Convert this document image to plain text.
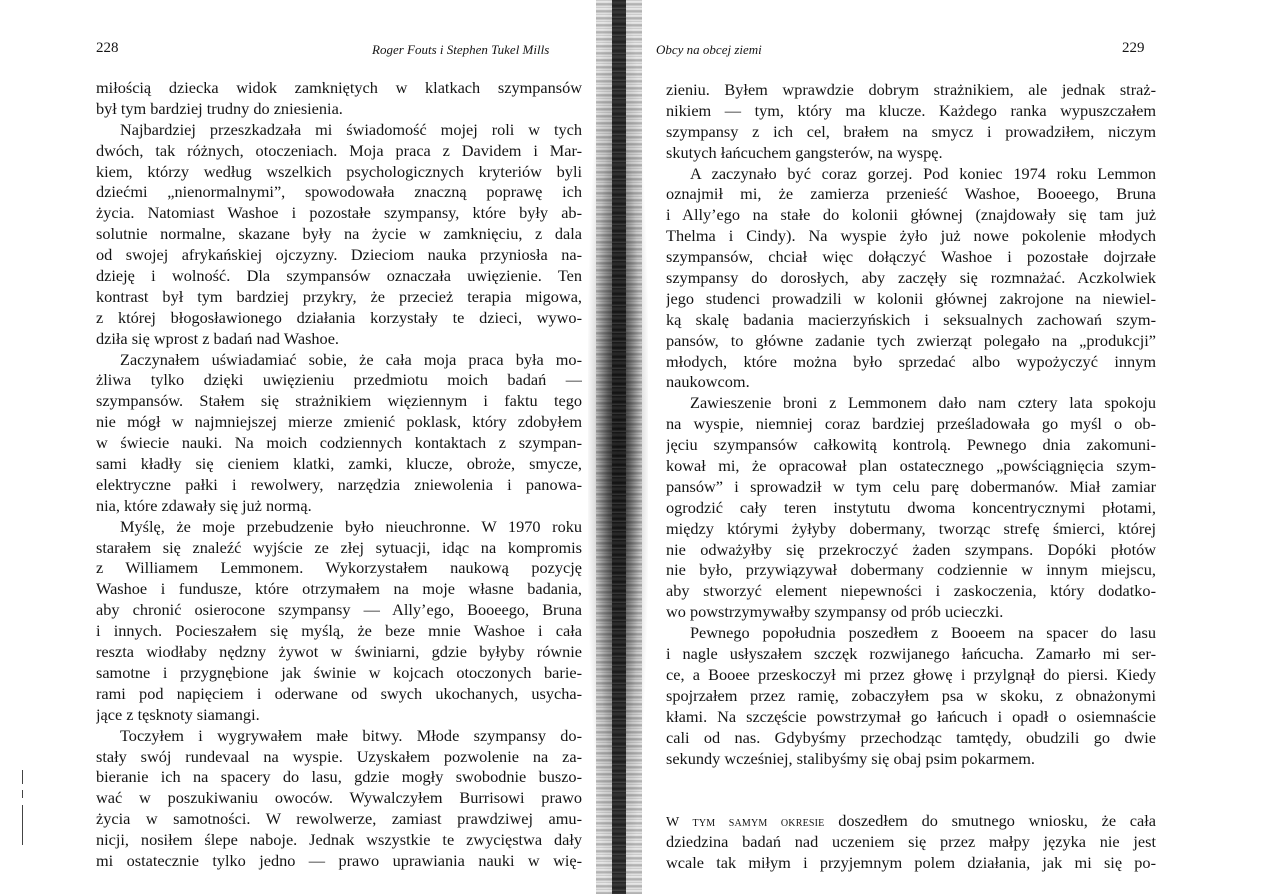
228	Roger Fouts i Stephen Tukel Mills
miłością dziecka widok zamkniętych w klatkach szympansów
był tym bardziej trudny do zniesienia.
Najbardziej przeszkadzała mi świadomość mojej roli w tych
dwóch, tak różnych, otoczeniach. Moja praca z Davidem i Mar-
kiem, którzy według wszelkich psychologicznych kryteriów byli
dziećmi „nienormalnymi”, spowodowała znaczną poprawę ich
życia. Natomiast Washoe i pozostałe szympansy, które były ab-
solutnie normalne, skazane były na życie w zamknięciu, z dala
od swojej afrykańskiej ojczyzny. Dzieciom nauka przyniosła na-
dzieję i wolność. Dla szympansów oznaczała uwięzienie. Ten
kontrast był tym bardziej przykry, że przecież terapia migowa,
z której błogosławionego działania korzystały te dzieci, wywo-
dziła się wprost z badań nad Washoe.
Zaczynałem uświadamiać sobie, że cała moja praca była mo-
żliwa tylko dzięki uwięzieniu przedmiotu moich badań —
szympansów. Stałem się strażnikiem więziennym i faktu tego
nie mógł w najmniejszej mierze zmienić poklask, który zdobyłem
w świecie nauki. Na moich codziennych kontaktach z szympan-
sami kładły się cieniem klatki, zamki, klucze, obroże, smycze,
elektryczne pałki i rewolwery, narzędzia zniewolenia i panowa-
nia, które zdawały się już normą.
Myślę, że moje przebudzenie było nieuchronne. W 1970 roku
starałem się znaleźć wyjście ze złej sytuacji, idąc na kompromis
z Williamem Lemmonem. Wykorzystałem naukową pozycję
Washoe i fundusze, które otrzymałem na moje własne badania,
aby chronić osierocone szympansy — Ally’ego, Booeego, Bruna
i innych. Pocieszałem się myślą, że beze mnie Washoe i cała
reszta wiodłaby nędzny żywot w świniarni, gdzie byłyby równie
samotne i przygnębione jak świnie w kojcach otoczonych barie-
rami pod napięciem i oderwane od swych ukochanych, usycha-
jące z tęsknoty siamangi.
Toczyłem i wygrywałem małe bitwy. Młode szympansy do-
stały swój rundevaal na wyspie. Uzyskałem pozwolenie na za-
bieranie ich na spacery do lasu, gdzie mogły swobodnie buszo-
wać w poszukiwaniu owoców. Wywalczyłem Burrisowi prawo
życia w samotności. W rewolwerze, zamiast prawdziwej amu-
nicji, nosiłem ślepe naboje. Jednak wszystkie te zwycięstwa dały
mi ostatecznie tylko jedno — prawo uprawiania nauki w wię-
Obcy na obcej ziemi	229
zieniu. Byłem wprawdzie dobrym strażnikiem, ale jednak straż-
nikiem — tym, który ma klucze. Każdego ranka wypuszczałem
szympansy z ich cel, brałem na smycz i prowadziłem, niczym
skutych łańcuchem gangsterów, na wyspę.
A zaczynało być coraz gorzej. Pod koniec 1974 roku Lemmon
oznajmił mi, że zamierza przenieść Washoe, Booeego, Bruna
i Ally’ego na stałe do kolonii głównej (znajdowały się tam już
Thelma i Cindy). Na wyspie żyło już nowe pokolenie młodych
szympansów, chciał więc dołączyć Washoe i pozostałe dojrzałe
szympansy do dorosłych, aby zaczęły się rozmnażać. Aczkolwiek
jego studenci prowadzili w kolonii głównej zakrojone na niewiel-
ką skalę badania macierzyńskich i seksualnych zachowań szym-
pansów, to główne zadanie tych zwierząt polegało na „produkcji”
młodych, które można było sprzedać albo wypożyczyć innym
naukowcom.
Zawieszenie broni z Lemmonem dało nam cztery lata spokoju
na wyspie, niemniej coraz bardziej prześladowała go myśl o ob-
jęciu szympansów całkowitą kontrolą. Pewnego dnia zakomuni-
kował mi, że opracował plan ostatecznego „powściągnięcia szym-
pansów” i sprowadził w tym celu parę dobermanów. Miał zamiar
ogrodzić cały teren instytutu dwoma koncentrycznymi płotami,
między którymi żyłyby dobermany, tworząc strefę śmierci, której
nie odważyłby się przekroczyć żaden szympans. Dopóki płotów
nie było, przywiązywał dobermany codziennie w innym miejscu,
aby stworzyć element niepewności i zaskoczenia, który dodatko-
wo powstrzymywałby szympansy od prób ucieczki.
Pewnego popołudnia poszedłem z Booeem na spacer do lasu
i nagle usłyszałem szczęk rozwijanego łańcucha. Zamarło mi ser-
ce, a Booee przeskoczył mi przez głowę i przylgnął do piersi. Kiedy
spojrzałem przez ramię, zobaczyłem psa w skoku, z obnażonymi
kłami. Na szczęście powstrzymał go łańcuch i opadł o osiemnaście
cali od nas. Gdybyśmy przechodząc tamtędy, obudzili go dwie
sekundy wcześniej, stalibyśmy się obaj psim pokarmem.
W tym samym okresie doszedłem do smutnego wniosku, że cała
dziedzina badań nad uczeniem się przez małpy języka nie jest
wcale tak miłym i przyjemnym polem działania, jak mi się po-
